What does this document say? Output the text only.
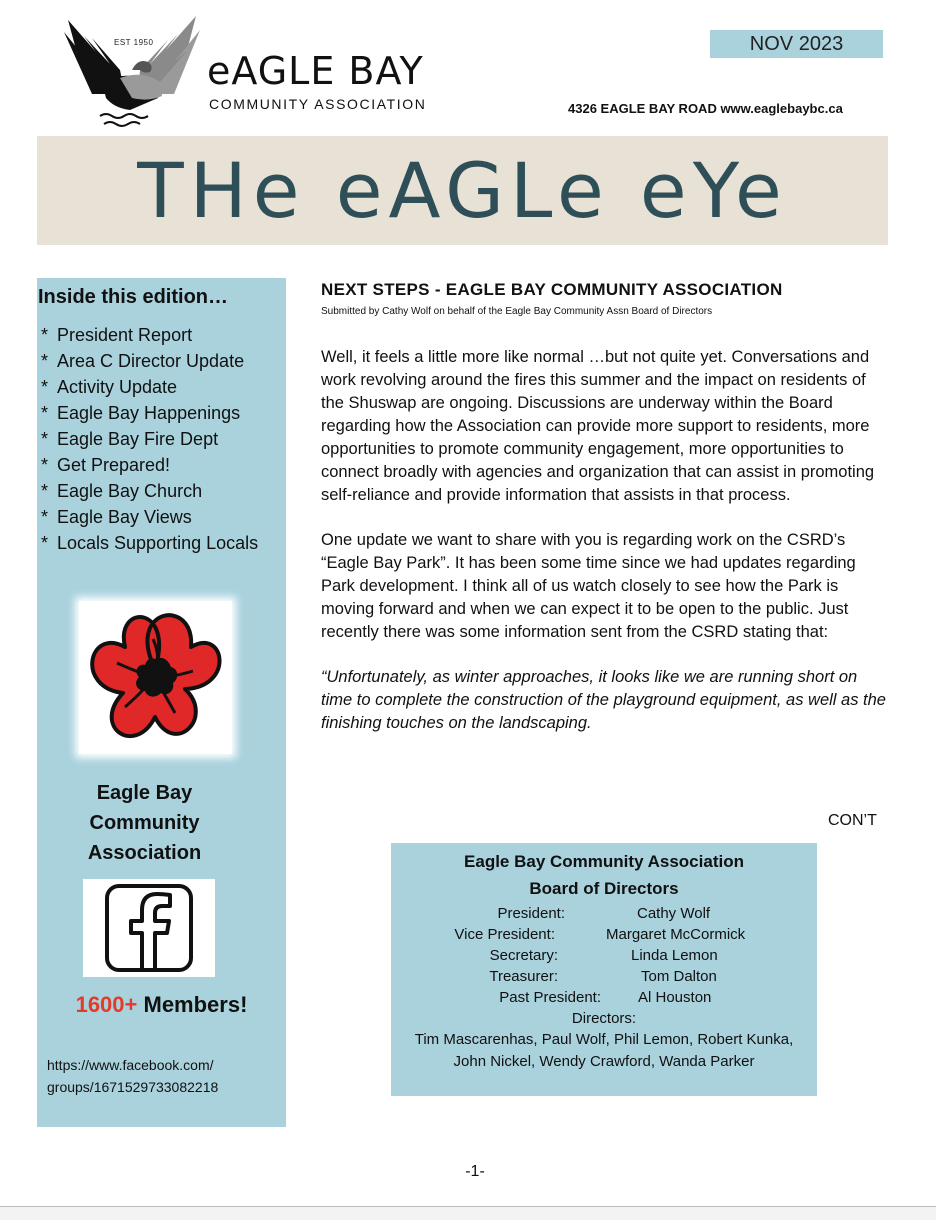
EST 1950
eAGLE BAY
COMMUNITY ASSOCIATION
NOV 2023
4326 EAGLE BAY ROAD www.eaglebaybc.ca
THe eAGLe eYe
Inside this edition…
* President Report
* Area C Director Update
* Activity Update
* Eagle Bay Happenings
* Eagle Bay Fire Dept
* Get Prepared!
* Eagle Bay Church
* Eagle Bay Views
* Locals Supporting Locals
Eagle Bay
Community
Association
1600+ Members!
https://www.facebook.com/
groups/1671529733082218
NEXT STEPS - EAGLE BAY COMMUNITY ASSOCIATION
Submitted by Cathy Wolf on behalf of the Eagle Bay Community Assn Board of Directors

Well, it feels a little more like normal …but not quite yet. Conversations and work revolving around the fires this summer and the impact on residents of the Shuswap are ongoing. Discussions are underway within the Board regarding how the Association can provide more support to residents, more opportunities to promote community engagement, more opportunities to connect broadly with agencies and organization that can assist in promoting self-reliance and provide information that assists in that process.

One update we want to share with you is regarding work on the CSRD’s “Eagle Bay Park”. It has been some time since we had updates regarding Park development. I think all of us watch closely to see how the Park is moving forward and when we can expect it to be open to the public. Just recently there was some information sent from the CSRD stating that:

“Unfortunately, as winter approaches, it looks like we are running short on time to complete the construction of the playground equipment, as well as the finishing touches on the landscaping.

CON’T
Eagle Bay Community Association
Board of Directors
President:	Cathy Wolf
Vice President:	Margaret McCormick
Secretary:	Linda Lemon
Treasurer:	Tom Dalton
Past President: Al Houston
Directors:
Tim Mascarenhas, Paul Wolf, Phil Lemon, Robert Kunka,
John Nickel, Wendy Crawford, Wanda Parker
-1-
